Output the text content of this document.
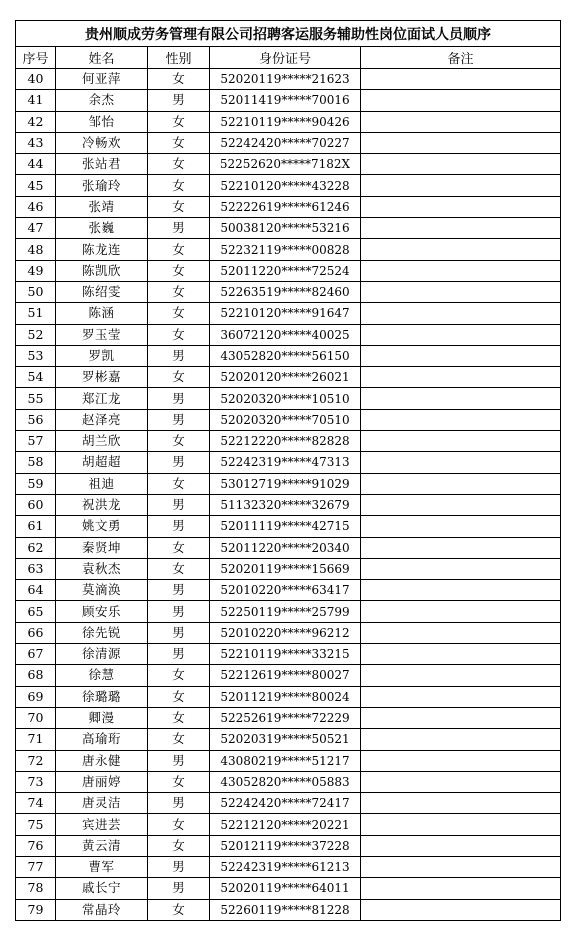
贵州顺成劳务管理有限公司招聘客运服务辅助性岗位面试人员顺序				
序号	姓名	性别	身份证号	备注
40	何亚萍	女	52020119*****21623	
41	余杰	男	52011419*****70016	
42	邹怡	女	52210119*****90426	
43	冷畅欢	女	52242420*****70227	
44	张站君	女	52252620*****7182X	
45	张瑜玲	女	52210120*****43228	
46	张靖	女	52222619*****61246	
47	张巍	男	50038120*****53216	
48	陈龙连	女	52232119*****00828	
49	陈凯欣	女	52011220*****72524	
50	陈绍雯	女	52263519*****82460	
51	陈涵	女	52210120*****91647	
52	罗玉莹	女	36072120*****40025	
53	罗凯	男	43052820*****56150	
54	罗彬嘉	女	52020120*****26021	
55	郑江龙	男	52020320*****10510	
56	赵泽亮	男	52020320*****70510	
57	胡兰欣	女	52212220*****82828	
58	胡超超	男	52242319*****47313	
59	祖迪	女	53012719*****91029	
60	祝洪龙	男	51132320*****32679	
61	姚文勇	男	52011119*****42715	
62	秦贤坤	女	52011220*****20340	
63	袁秋杰	女	52020119*****15669	
64	莫滴涣	男	52010220*****63417	
65	顾安乐	男	52250119*****25799	
66	徐先锐	男	52010220*****96212	
67	徐清源	男	52210119*****33215	
68	徐慧	女	52212619*****80027	
69	徐璐璐	女	52011219*****80024	
70	卿漫	女	52252619*****72229	
71	高瑜珩	女	52020319*****50521	
72	唐永健	男	43080219*****51217	
73	唐丽婷	女	43052820*****05883	
74	唐灵洁	男	52242420*****72417	
75	宾进芸	女	52212120*****20221	
76	黄云清	女	52012119*****37228	
77	曹军	男	52242319*****61213	
78	戚长宁	男	52020119*****64011	
79	常晶玲	女	52260119*****81228	
